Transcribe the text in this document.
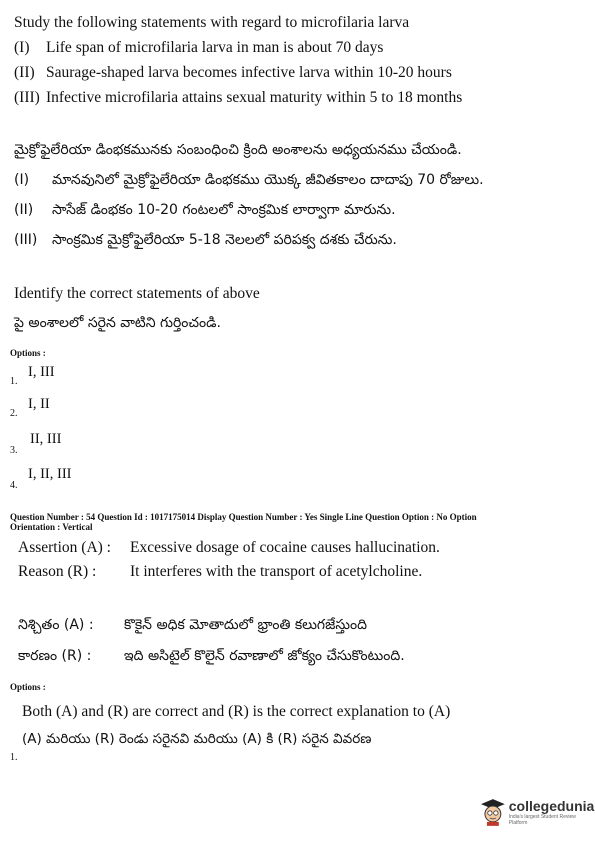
Study the following statements with regard to microfilaria larva
(I) Life span of microfilaria larva in man is about 70 days
(II) Saurage-shaped larva becomes infective larva within 10-20 hours
(III) Infective microfilaria attains sexual maturity within 5 to 18 months
మైక్రోఫైలేరియా డింభకమునకు సంబంధించి క్రింది అంశాలను అధ్యయనము చేయండి.
(I) మానవునిలో మైక్రోఫైలేరియా డింభకము యొక్క జీవితకాలం దాదాపు 70 రోజులు.
(II) సాసేజ్ డింభకం 10-20 గంటలలో సాంక్రమిక లార్వాగా మారును.
(III) సాంక్రమిక మైక్రోఫైలేరియా 5-18 నెలలలో పరిపక్వ దశకు చేరును.
Identify the correct statements of above
పై అంశాలలో సరైన వాటిని గుర్తించండి.
Options :
1.
I, III
2.
I, II
3.
II, III
4.
I, II, III
Question Number : 54 Question Id : 1017175014 Display Question Number : Yes Single Line Question Option : No Option
Orientation : Vertical
Assertion (A) : Excessive dosage of cocaine causes hallucination.
Reason (R) : It interferes with the transport of acetylcholine.
నిశ్చితం (A) : కొకైన్ అధిక మోతాదులో భ్రాంతి కలుగజేస్తుంది
కారణం (R) : ఇది అసిటైల్ కొలైన్ రవాణాలో జోక్యం చేసుకొంటుంది.
Options :
Both (A) and (R) are correct and (R) is the correct explanation to (A)
(A) మరియు (R) రెండు సరైనవి మరియు (A) కి (R) సరైన వివరణ
1.
collegedunia
India's largest Student Review Platform
